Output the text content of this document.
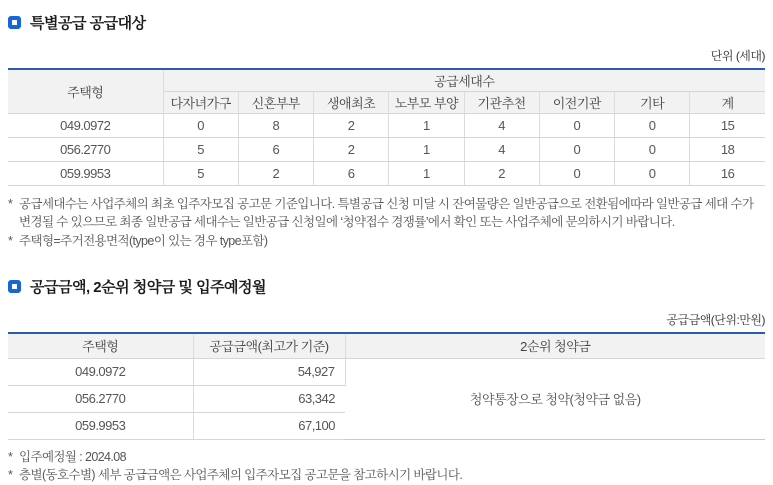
특별공급 공급대상
단위 (세대)
주택형	공급세대수							
	다자녀가구	신혼부부	생애최초	노부모 부양	기관추천	이전기관	기타	계
049.0972	0	8	2	1	4	0	0	15
056.2770	5	6	2	1	4	0	0	18
059.9953	5	2	6	1	2	0	0	16
* 공급세대수는 사업주체의 최초 입주자모집 공고문 기준입니다. 특별공급 신청 미달 시 잔여물량은 일반공급으로 전환됨에따라 일반공급 세대 수가 변경될 수 있으므로 최종 일반공급 세대수는 일반공급 신청일에 ‘청약접수 경쟁률’에서 확인 또는 사업주체에 문의하시기 바랍니다.
* 주택형=주거전용면적(type이 있는 경우 type포함)
공급금액, 2순위 청약금 및 입주예정월
공급금액(단위:만원)
주택형	공급금액(최고가 기준)	2순위 청약금
049.0972	54,927	청약통장으로 청약(청약금 없음)
056.2770	63,342	
059.9953	67,100	
* 입주예정월 : 2024.08
* 층별(동호수별) 세부 공급금액은 사업주체의 입주자모집 공고문을 참고하시기 바랍니다.
